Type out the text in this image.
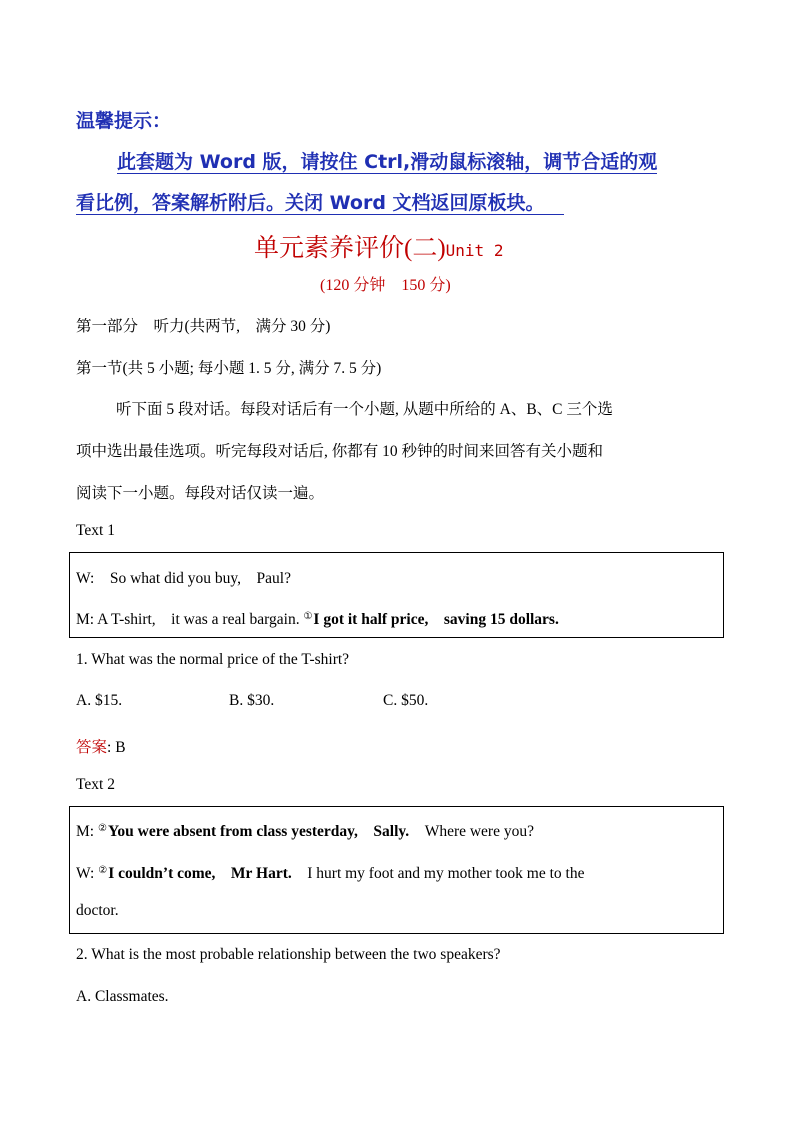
温馨提示：
此套题为 Word 版，请按住 Ctrl,滑动鼠标滚轴，调节合适的观
看比例，答案解析附后。关闭 Word 文档返回原板块。
单元素养评价(二)Unit 2
(120 分钟　150 分)
第一部分　听力(共两节,　满分 30 分)
第一节(共 5 小题; 每小题 1. 5 分, 满分 7. 5 分)
听下面 5 段对话。每段对话后有一个小题, 从题中所给的 A、B、C 三个选
项中选出最佳选项。听完每段对话后, 你都有 10 秒钟的时间来回答有关小题和
阅读下一小题。每段对话仅读一遍。
Text 1
W:　So what did you buy,　Paul?
M: A T-shirt,　it was a real bargain. ①I got it half price,　saving 15 dollars.
1. What was the normal price of the T-shirt?
A. $15.	B. $30.	C. $50.
答案: B
Text 2
M: ②You were absent from class yesterday,　Sally.　Where were you?
W: ②I couldn’t come,　Mr Hart.　I hurt my foot and my mother took me to the
doctor.
2. What is the most probable relationship between the two speakers?
A. Classmates.
